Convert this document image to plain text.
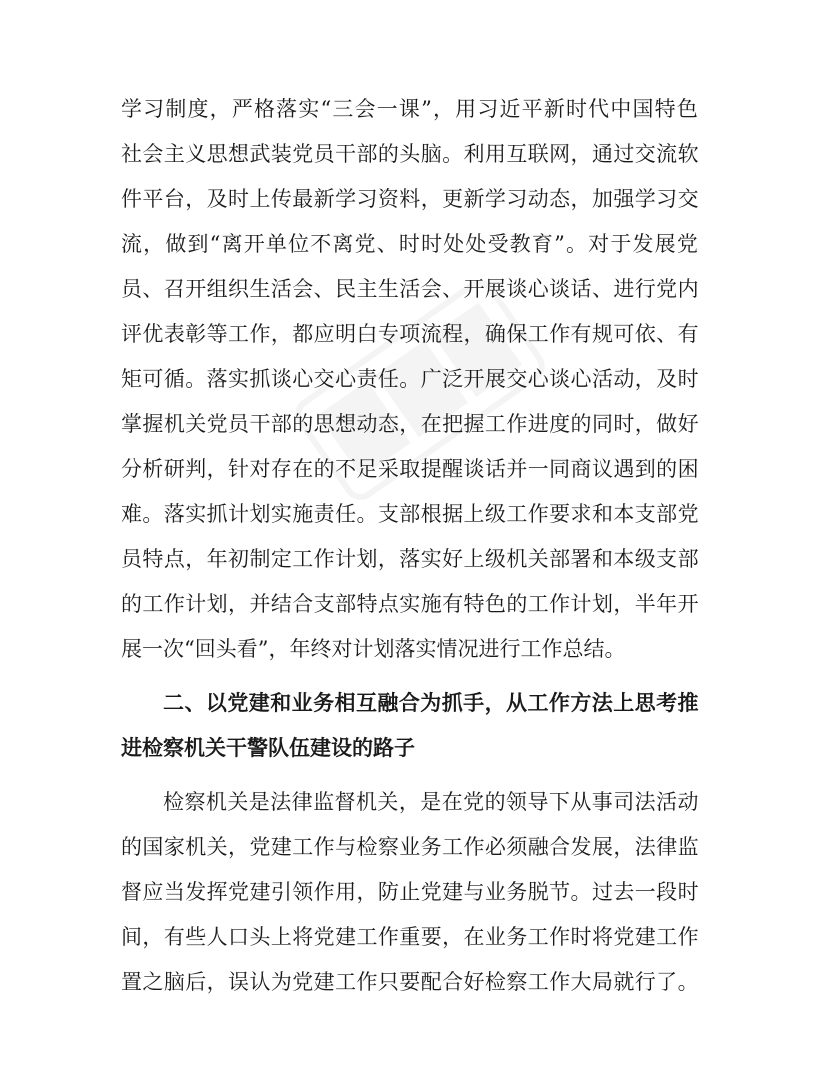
学习制度，严格落实“三会一课”，用习近平新时代中国特色
社会主义思想武装党员干部的头脑。利用互联网，通过交流软
件平台，及时上传最新学习资料，更新学习动态，加强学习交
流，做到“离开单位不离党、时时处处受教育”。对于发展党
员、召开组织生活会、民主生活会、开展谈心谈话、进行党内
评优表彰等工作，都应明白专项流程，确保工作有规可依、有
矩可循。落实抓谈心交心责任。广泛开展交心谈心活动，及时
掌握机关党员干部的思想动态，在把握工作进度的同时，做好
分析研判，针对存在的不足采取提醒谈话并一同商议遇到的困
难。落实抓计划实施责任。支部根据上级工作要求和本支部党
员特点，年初制定工作计划，落实好上级机关部署和本级支部
的工作计划，并结合支部特点实施有特色的工作计划，半年开
展一次“回头看”，年终对计划落实情况进行工作总结。
二、以党建和业务相互融合为抓手，从工作方法上思考推
进检察机关干警队伍建设的路子
检察机关是法律监督机关，是在党的领导下从事司法活动
的国家机关，党建工作与检察业务工作必须融合发展，法律监
督应当发挥党建引领作用，防止党建与业务脱节。过去一段时
间，有些人口头上将党建工作重要，在业务工作时将党建工作
置之脑后，误认为党建工作只要配合好检察工作大局就行了。
